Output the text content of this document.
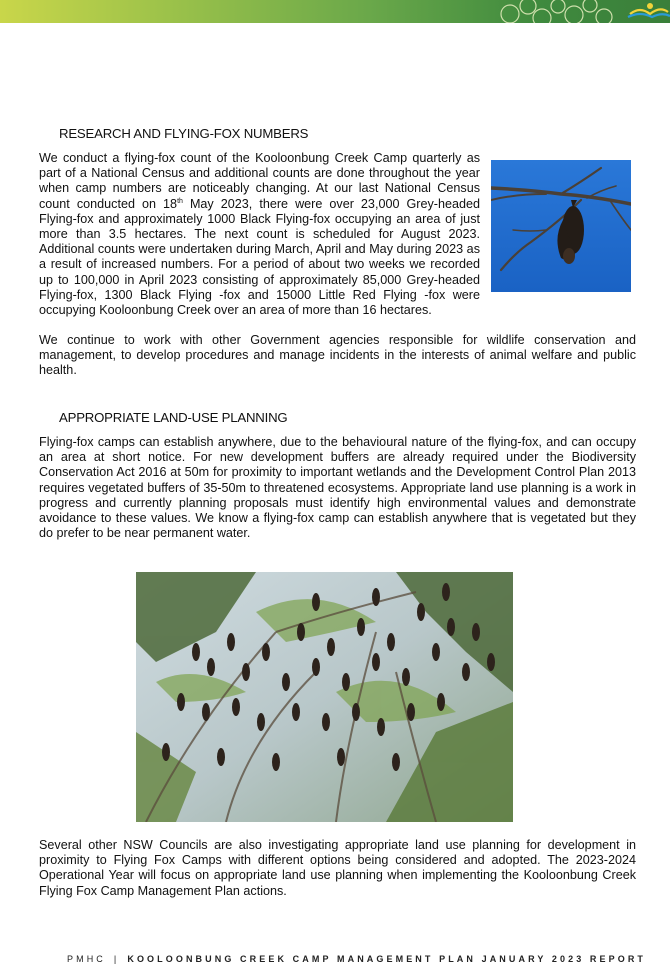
RESEARCH AND FLYING-FOX NUMBERS

We conduct a flying-fox count of the Kooloonbung Creek Camp quarterly as part of a National Census and additional counts are done throughout the year when camp numbers are noticeably changing. At our last National Census count conducted on 18th May 2023, there were over 23,000 Grey-headed Flying-fox and approximately 1000 Black Flying-fox occupying an area of just more than 3.5 hectares. The next count is scheduled for August 2023. Additional counts were undertaken during March, April and May during 2023 as a result of increased numbers. For a period of about two weeks we recorded up to 100,000 in April 2023 consisting of approximately 85,000 Grey-headed Flying-fox, 1300 Black Flying -fox and 15000 Little Red Flying -fox were occupying Kooloonbung Creek over an area of more than 16 hectares.

We continue to work with other Government agencies responsible for wildlife conservation and management, to develop procedures and manage incidents in the interests of animal welfare and public health.

APPROPRIATE LAND-USE PLANNING

Flying-fox camps can establish anywhere, due to the behavioural nature of the flying-fox, and can occupy an area at short notice. For new development buffers are already required under the Biodiversity Conservation Act 2016 at 50m for proximity to important wetlands and the Development Control Plan 2013 requires vegetated buffers of 35-50m to threatened ecosystems. Appropriate land use planning is a work in progress and currently planning proposals must identify high environmental values and demonstrate avoidance to these values. We know a flying-fox camp can establish anywhere that is vegetated but they do prefer to be near permanent water.

Several other NSW Councils are also investigating appropriate land use planning for development in proximity to Flying Fox Camps with different options being considered and adopted. The 2023-2024 Operational Year will focus on appropriate land use planning when implementing the Kooloonbung Creek Flying Fox Camp Management Plan actions.

PMHC | KOOLOONBUNG CREEK CAMP MANAGEMENT PLAN JANUARY 2023 REPORT
